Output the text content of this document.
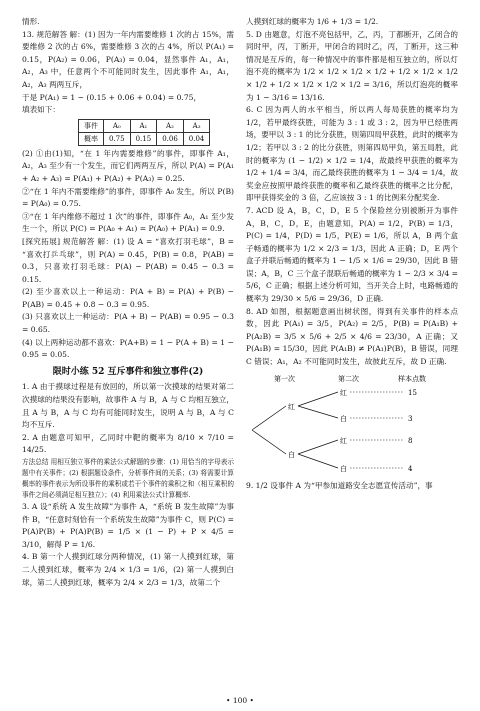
情形.

13. 规范解答 解：(1) 因为一年内需要维修 1 次的占 15%，需要维修 2 次的占 6%，需要维修 3 次的占 4%，所以 P(A₁) = 0.15，P(A₂) = 0.06，P(A₃) = 0.04，显然事件 A₁，A₁，A₂，A₃ 中，任意两个不可能同时发生，因此事件 A₁，A₁，A₂，A₃ 两两互斥，

于是 P(A₁) = 1 − (0.15 + 0.06 + 0.04) = 0.75，

填表如下：

事件	A₀	A₁	A₂	A₃
概率	0.75	0.15	0.06	0.04

(2) ①由(1)知，“在 1 年内需要维修”的事件，即事件 A₁，A₂，A₃ 至少有一个发生，而它们两两互斥，所以 P(A) = P(A₁ + A₂ + A₃) = P(A₁) + P(A₂) + P(A₃) = 0.25.

②“在 1 年内不需要维修”的事件，即事件 A₀ 发生，所以 P(B) = P(A₀) = 0.75.

③“在 1 年内维修不超过 1 次”的事件，即事件 A₀，A₁ 至少发生一个，所以 P(C) = P(A₀ + A₁) = P(A₀) + P(A₁) = 0.9.

[探究拓展] 规范解答 解：(1) 设 A = “喜欢打羽毛球”，B = “喜欢打乒乓球”，则 P(A) = 0.45，P(B) = 0.8，P(AB) = 0.3，只喜欢打羽毛球：P(A) − P(AB) = 0.45 − 0.3 = 0.15.

(2) 至少喜欢以上一种运动：P(A + B) = P(A) + P(B) − P(AB) = 0.45 + 0.8 − 0.3 = 0.95.

(3) 只喜欢以上一种运动：P(A + B) − P(AB) = 0.95 − 0.3 = 0.65.

(4) 以上两种运动都不喜欢：P(A+B) = 1 − P(A + B) = 1 − 0.95 = 0.05.

限时小练 52 互斥事件和独立事件(2)

1. A 由于摸球过程是有放回的，所以第一次摸球的结果对第二次摸球的结果没有影响，故事件 A 与 B，A 与 C 均相互独立，且 A 与 B，A 与 C 均有可能同时发生，说明 A 与 B，A 与 C 均不互斥.

2. A 由题意可知甲，乙同时中靶的概率为 8/10 × 7/10 = 14/25.

方法总结 用相互独立事件的乘法公式解题的步骤：(1) 用恰当的字母表示题中有关事件；(2) 根据题设条件，分析事件间的关系；(3) 将需要计算概率的事件表示为所设事件的乘积或若干个事件的乘积之和（相互乘积的事件之间必须满足相互独立）；(4) 利用乘法公式计算概率.

3. A 设“系统 A 发生故障”为事件 A，“系统 B 发生故障”为事件 B，“任意时刻恰有一个系统发生故障”为事件 C，则 P(C) = P(A)P(B) + P(A)P(B) = 1/5 × (1 − P) + P × 4/5 = 3/10，解得 P = 1/6.

4. B 第一个人摸到红球分两种情况，(1) 第一人摸到红球，第二人摸到红球，概率为 2/4 × 1/3 = 1/6，(2) 第一人摸到白球，第二人摸到红球，概率为 2/4 × 2/3 = 1/3，故第二个

人摸到红球的概率为 1/6 + 1/3 = 1/2.

5. D 由题意，灯泡不亮包括甲，乙，丙，丁都断开，乙闭合的同时甲，丙，丁断开，甲闭合的同时乙，丙，丁断开，这三种情况是互斥的，每一种情况中的事件都是相互独立的，所以灯泡不亮的概率为 1/2 × 1/2 × 1/2 × 1/2 + 1/2 × 1/2 × 1/2 × 1/2 + 1/2 × 1/2 × 1/2 × 1/2 = 3/16，所以灯泡亮的概率为 1 − 3/16 = 13/16.

6. C 因为两人的水平相当，所以两人每局获胜的概率均为 1/2，若甲最终获胜，可能为 3 : 1 或 3 : 2，因为甲已经胜两场，要甲以 3 : 1 的比分获胜，则第四局甲获胜，此时的概率为 1/2；若甲以 3 : 2 的比分获胜，则第四局甲负，第五局胜，此时的概率为 (1 − 1/2) × 1/2 = 1/4，故最终甲获胜的概率为 1/2 + 1/4 = 3/4，而乙最终获胜的概率为 1 − 3/4 = 1/4，故奖金应按照甲最终获胜的概率和乙最终获胜的概率之比分配，即甲获得奖金的 3 倍，乙应该按 3 : 1 的比例来分配奖金.

7. ACD 设 A，B，C，D，E 5 个保险丝分别被断开为事件 A，B，C，D，E，由题意知，P(A) = 1/2，P(B) = 1/3，P(C) = 1/4，P(D) = 1/5，P(E) = 1/6，所以 A，B 两个盒子畅通的概率为 1/2 × 2/3 = 1/3，因此 A 正确；D，E 两个盒子并联后畅通的概率为 1 − 1/5 × 1/6 = 29/30，因此 B 错误；A，B，C 三个盒子混联后畅通的概率为 1 − 2/3 × 3/4 = 5/6，C 正确；根据上述分析可知，当开关合上时，电路畅通的概率为 29/30 × 5/6 = 29/36，D 正确.

8. AD 如图，根据题意画出树状图，得到有关事件的样本点数，因此 P(A₁) = 3/5，P(A₂) = 2/5，P(B) = P(A₁B) + P(A₂B) = 3/5 × 5/6 + 2/5 × 4/6 = 23/30，A 正确；又 P(A₁B) = 15/30，因此 P(A₁B) ≠ P(A₁)P(B)，B 错误，同理 C 错误；A₁，A₂ 不可能同时发生，故彼此互斥，故 D 正确.

第一次	第二次	样本点数
红
白
红
白
红
白
15
3
8
4

9. 1/2 设事件 A 为“甲参加道路安全志愿宣传活动”，事

• 100 •
